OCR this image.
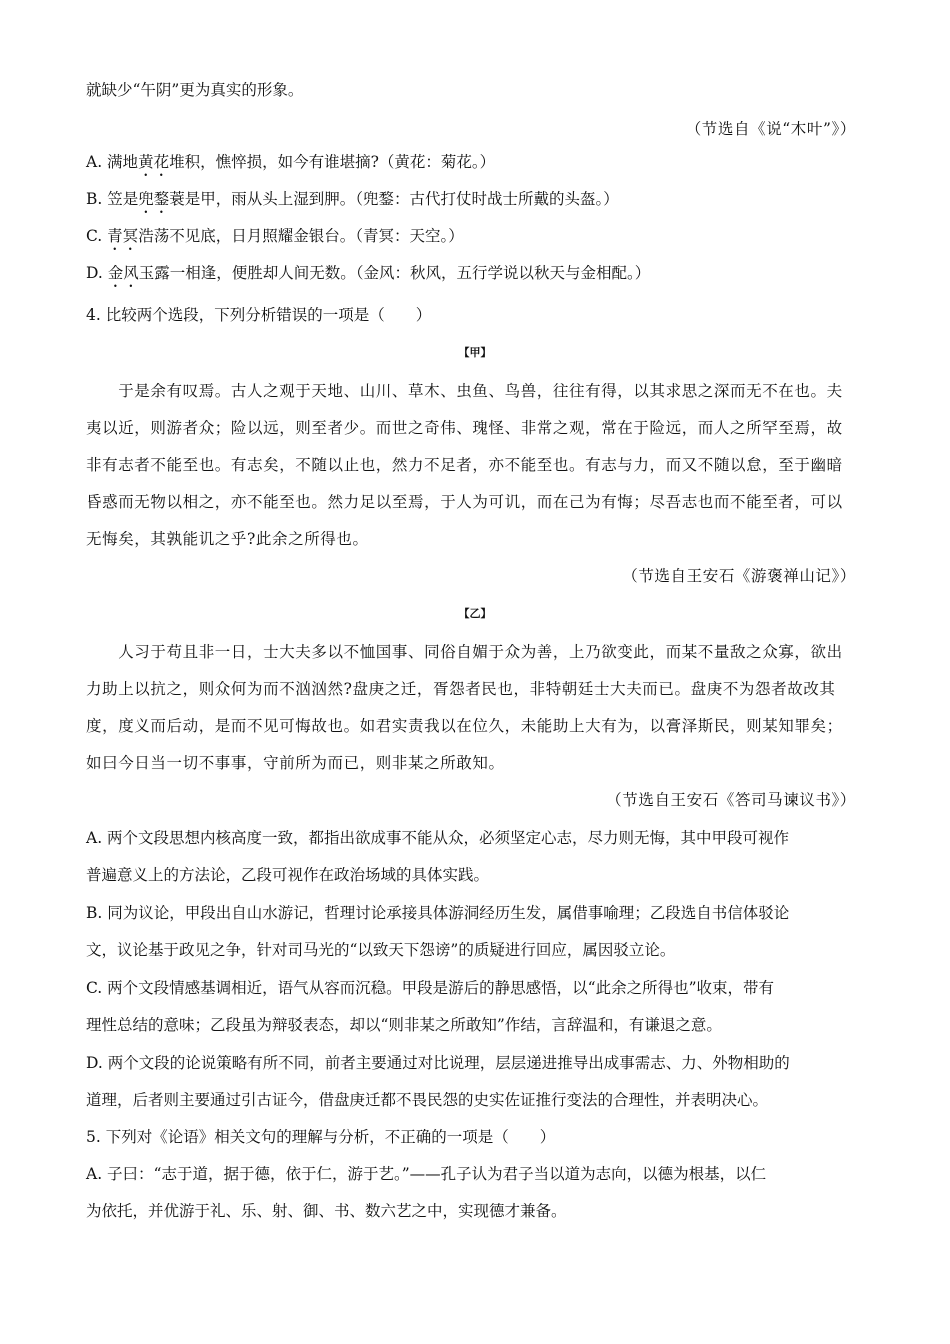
就缺少“午阴”更为真实的形象。
（节选自《说“木叶”》）
A. 满地黄花堆积，憔悴损，如今有谁堪摘?（黄花：菊花。）
B. 笠是兜鍪蓑是甲，雨从头上湿到胛。（兜鍪：古代打仗时战士所戴的头盔。）
C. 青冥浩荡不见底，日月照耀金银台。（青冥：天空。）
D. 金风玉露一相逢，便胜却人间无数。（金风：秋风，五行学说以秋天与金相配。）
4. 比较两个选段，下列分析错误的一项是（　　）
【甲】
　　于是余有叹焉。古人之观于天地、山川、草木、虫鱼、鸟兽，往往有得，以其求思之深而无不在也。夫
夷以近，则游者众；险以远，则至者少。而世之奇伟、瑰怪、非常之观，常在于险远，而人之所罕至焉，故
非有志者不能至也。有志矣，不随以止也，然力不足者，亦不能至也。有志与力，而又不随以怠，至于幽暗
昏惑而无物以相之，亦不能至也。然力足以至焉，于人为可讥，而在己为有悔；尽吾志也而不能至者，可以
无悔矣，其孰能讥之乎?此余之所得也。
（节选自王安石《游褒禅山记》）
【乙】
　　人习于苟且非一日，士大夫多以不恤国事、同俗自媚于众为善，上乃欲变此，而某不量敌之众寡，欲出
力助上以抗之，则众何为而不汹汹然?盘庚之迁，胥怨者民也，非特朝廷士大夫而已。盘庚不为怨者故改其
度，度义而后动，是而不见可悔故也。如君实责我以在位久，未能助上大有为，以膏泽斯民，则某知罪矣；
如曰今日当一切不事事，守前所为而已，则非某之所敢知。
（节选自王安石《答司马谏议书》）
A. 两个文段思想内核高度一致，都指出欲成事不能从众，必须坚定心志，尽力则无悔，其中甲段可视作
普遍意义上的方法论，乙段可视作在政治场域的具体实践。
B. 同为议论，甲段出自山水游记，哲理讨论承接具体游洞经历生发，属借事喻理；乙段选自书信体驳论
文，议论基于政见之争，针对司马光的“以致天下怨谤”的质疑进行回应，属因驳立论。
C. 两个文段情感基调相近，语气从容而沉稳。甲段是游后的静思感悟，以“此余之所得也”收束，带有
理性总结的意味；乙段虽为辩驳表态，却以“则非某之所敢知”作结，言辞温和，有谦退之意。
D. 两个文段的论说策略有所不同，前者主要通过对比说理，层层递进推导出成事需志、力、外物相助的
道理，后者则主要通过引古证今，借盘庚迁都不畏民怨的史实佐证推行变法的合理性，并表明决心。
5. 下列对《论语》相关文句的理解与分析，不正确的一项是（　　）
A. 子曰：“志于道，据于德，依于仁，游于艺。”——孔子认为君子当以道为志向，以德为根基，以仁
为依托，并优游于礼、乐、射、御、书、数六艺之中，实现德才兼备。
